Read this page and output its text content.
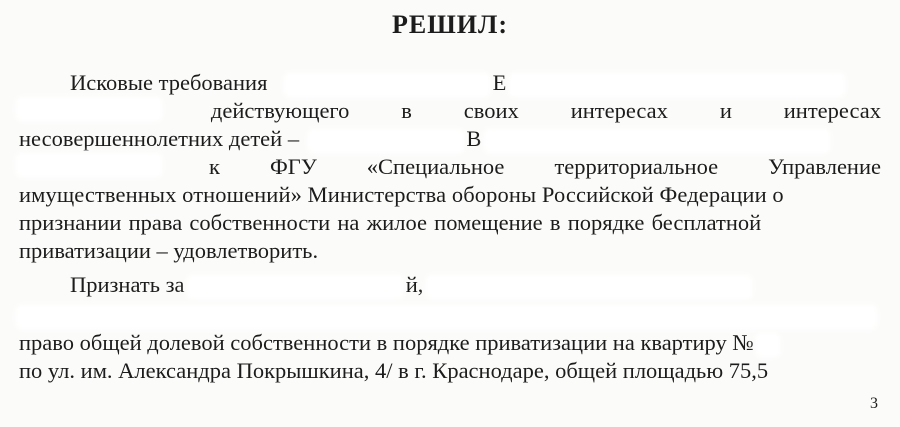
РЕШИЛ:
Исковые требования	Е
действующего в своих интересах и интересах
несовершеннолетних детей –	В
к ФГУ «Специальное территориальное Управление
имущественных отношений» Министерства обороны Российской Федерации о
признании права собственности на жилое помещение в порядке бесплатной
приватизации – удовлетворить.
Признать за	й,
право общей долевой собственности в порядке приватизации на квартиру №
по ул. им. Александра Покрышкина, 4/ в г. Краснодаре, общей площадью 75,5
3
